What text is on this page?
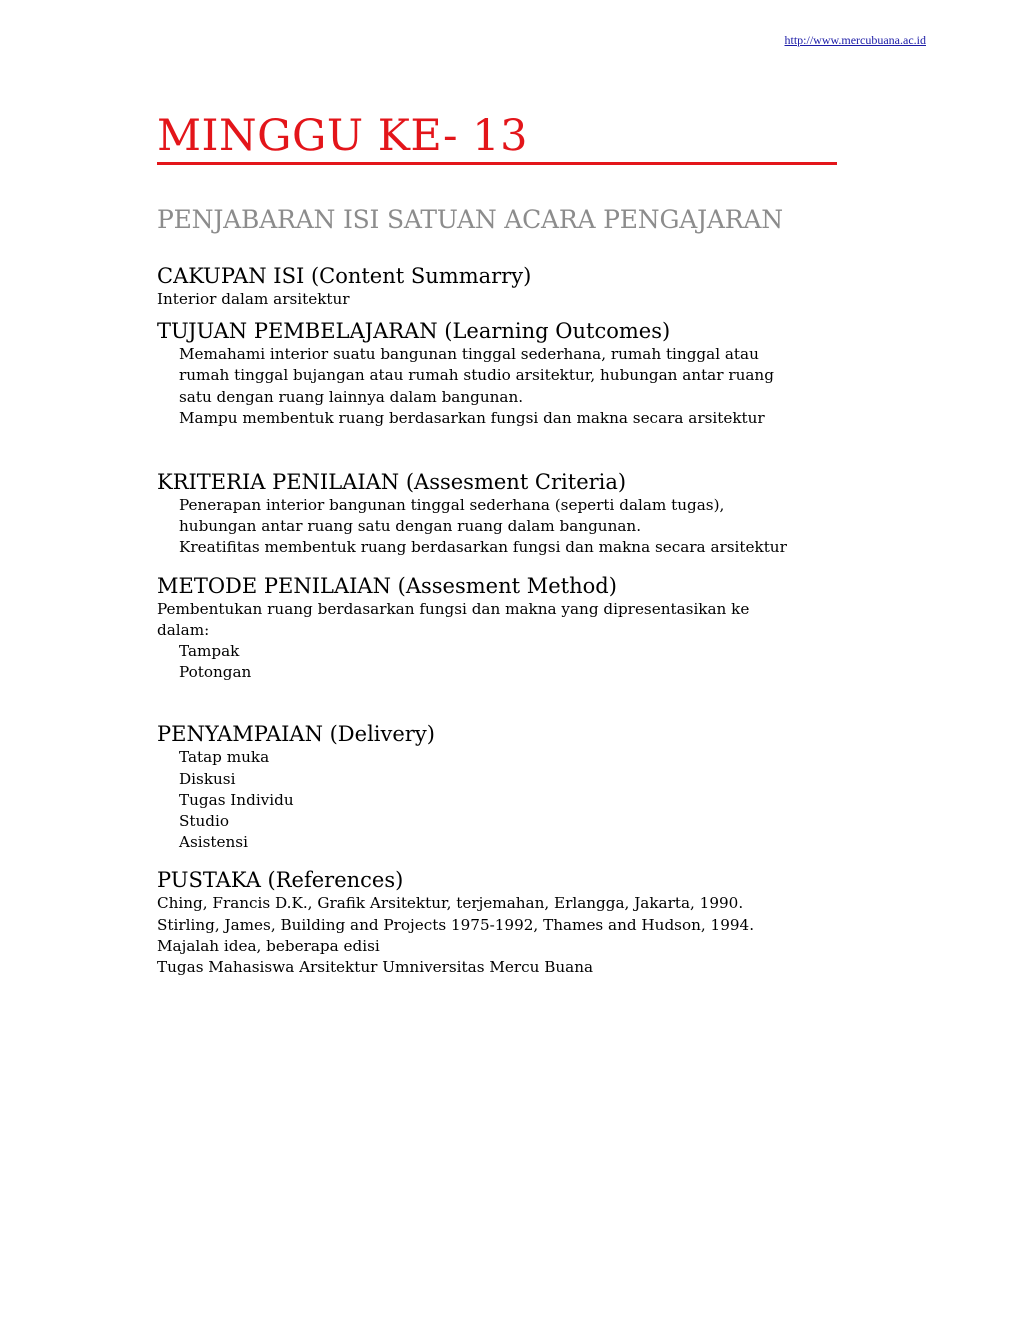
http://www.mercubuana.ac.id
MINGGU KE- 13
PENJABARAN ISI SATUAN ACARA PENGAJARAN
CAKUPAN ISI (Content Summarry)
Interior dalam arsitektur
TUJUAN PEMBELAJARAN (Learning Outcomes)
Memahami interior suatu bangunan tinggal sederhana, rumah tinggal atau
rumah tinggal bujangan atau rumah studio arsitektur, hubungan antar ruang
satu dengan ruang lainnya dalam bangunan.
Mampu membentuk ruang berdasarkan fungsi dan makna secara arsitektur
KRITERIA PENILAIAN (Assesment Criteria)
Penerapan interior bangunan tinggal sederhana (seperti dalam tugas),
hubungan antar ruang satu dengan ruang dalam bangunan.
Kreatifitas membentuk ruang berdasarkan fungsi dan makna secara arsitektur
METODE PENILAIAN (Assesment Method)
Pembentukan ruang berdasarkan fungsi dan makna yang dipresentasikan ke
dalam:
Tampak
Potongan
PENYAMPAIAN (Delivery)
Tatap muka
Diskusi
Tugas Individu
Studio
Asistensi
PUSTAKA (References)
Ching, Francis D.K., Grafik Arsitektur, terjemahan, Erlangga, Jakarta, 1990.
Stirling, James, Building and Projects 1975-1992, Thames and Hudson, 1994.
Majalah idea, beberapa edisi
Tugas Mahasiswa Arsitektur Umniversitas Mercu Buana
